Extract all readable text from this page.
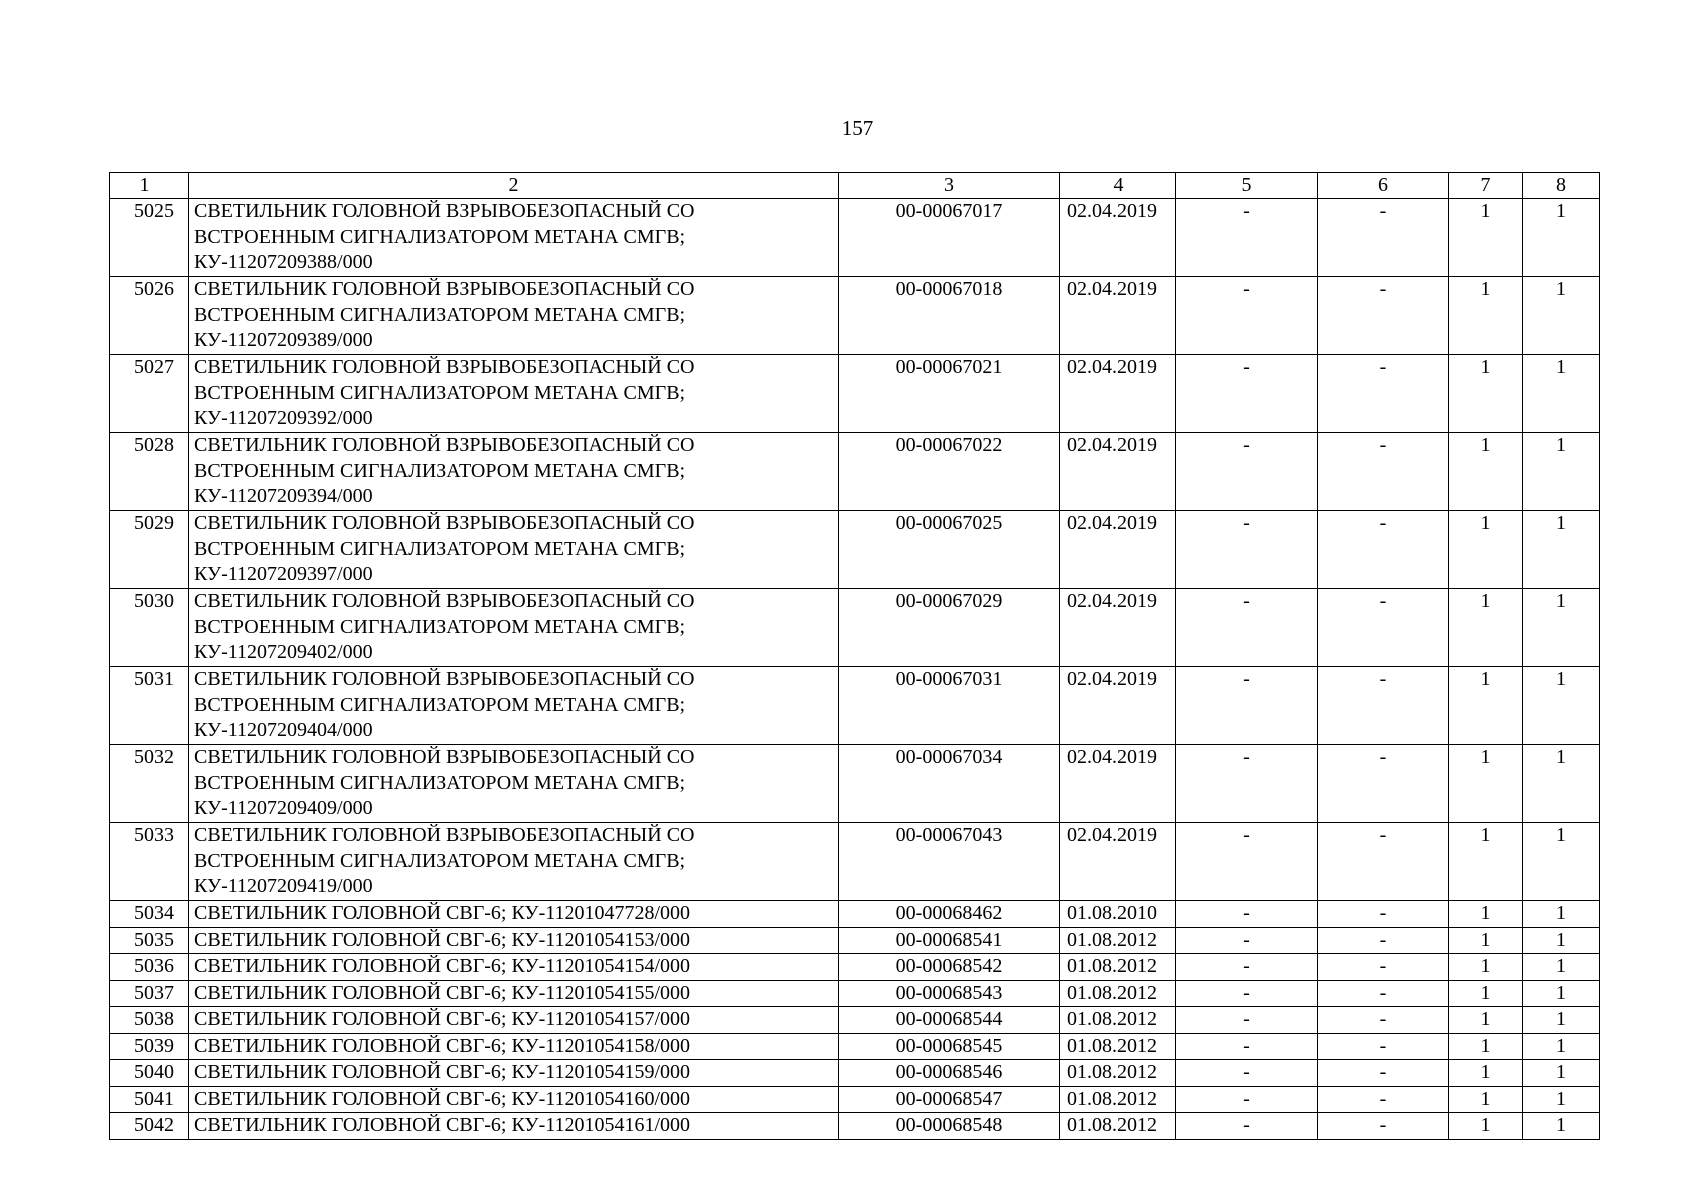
157
1	2	3	4	5	6	7	8
5025	СВЕТИЛЬНИК ГОЛОВНОЙ ВЗРЫВОБЕЗОПАСНЫЙ СО ВСТРОЕННЫМ СИГНАЛИЗАТОРОМ МЕТАНА СМГВ; КУ-11207209388/000	00-00067017	02.04.2019	-	-	1	1
5026	СВЕТИЛЬНИК ГОЛОВНОЙ ВЗРЫВОБЕЗОПАСНЫЙ СО ВСТРОЕННЫМ СИГНАЛИЗАТОРОМ МЕТАНА СМГВ; КУ-11207209389/000	00-00067018	02.04.2019	-	-	1	1
5027	СВЕТИЛЬНИК ГОЛОВНОЙ ВЗРЫВОБЕЗОПАСНЫЙ СО ВСТРОЕННЫМ СИГНАЛИЗАТОРОМ МЕТАНА СМГВ; КУ-11207209392/000	00-00067021	02.04.2019	-	-	1	1
5028	СВЕТИЛЬНИК ГОЛОВНОЙ ВЗРЫВОБЕЗОПАСНЫЙ СО ВСТРОЕННЫМ СИГНАЛИЗАТОРОМ МЕТАНА СМГВ; КУ-11207209394/000	00-00067022	02.04.2019	-	-	1	1
5029	СВЕТИЛЬНИК ГОЛОВНОЙ ВЗРЫВОБЕЗОПАСНЫЙ СО ВСТРОЕННЫМ СИГНАЛИЗАТОРОМ МЕТАНА СМГВ; КУ-11207209397/000	00-00067025	02.04.2019	-	-	1	1
5030	СВЕТИЛЬНИК ГОЛОВНОЙ ВЗРЫВОБЕЗОПАСНЫЙ СО ВСТРОЕННЫМ СИГНАЛИЗАТОРОМ МЕТАНА СМГВ; КУ-11207209402/000	00-00067029	02.04.2019	-	-	1	1
5031	СВЕТИЛЬНИК ГОЛОВНОЙ ВЗРЫВОБЕЗОПАСНЫЙ СО ВСТРОЕННЫМ СИГНАЛИЗАТОРОМ МЕТАНА СМГВ; КУ-11207209404/000	00-00067031	02.04.2019	-	-	1	1
5032	СВЕТИЛЬНИК ГОЛОВНОЙ ВЗРЫВОБЕЗОПАСНЫЙ СО ВСТРОЕННЫМ СИГНАЛИЗАТОРОМ МЕТАНА СМГВ; КУ-11207209409/000	00-00067034	02.04.2019	-	-	1	1
5033	СВЕТИЛЬНИК ГОЛОВНОЙ ВЗРЫВОБЕЗОПАСНЫЙ СО ВСТРОЕННЫМ СИГНАЛИЗАТОРОМ МЕТАНА СМГВ; КУ-11207209419/000	00-00067043	02.04.2019	-	-	1	1
5034	СВЕТИЛЬНИК ГОЛОВНОЙ СВГ-6; КУ-11201047728/000	00-00068462	01.08.2010	-	-	1	1
5035	СВЕТИЛЬНИК ГОЛОВНОЙ СВГ-6; КУ-11201054153/000	00-00068541	01.08.2012	-	-	1	1
5036	СВЕТИЛЬНИК ГОЛОВНОЙ СВГ-6; КУ-11201054154/000	00-00068542	01.08.2012	-	-	1	1
5037	СВЕТИЛЬНИК ГОЛОВНОЙ СВГ-6; КУ-11201054155/000	00-00068543	01.08.2012	-	-	1	1
5038	СВЕТИЛЬНИК ГОЛОВНОЙ СВГ-6; КУ-11201054157/000	00-00068544	01.08.2012	-	-	1	1
5039	СВЕТИЛЬНИК ГОЛОВНОЙ СВГ-6; КУ-11201054158/000	00-00068545	01.08.2012	-	-	1	1
5040	СВЕТИЛЬНИК ГОЛОВНОЙ СВГ-6; КУ-11201054159/000	00-00068546	01.08.2012	-	-	1	1
5041	СВЕТИЛЬНИК ГОЛОВНОЙ СВГ-6; КУ-11201054160/000	00-00068547	01.08.2012	-	-	1	1
5042	СВЕТИЛЬНИК ГОЛОВНОЙ СВГ-6; КУ-11201054161/000	00-00068548	01.08.2012	-	-	1	1
